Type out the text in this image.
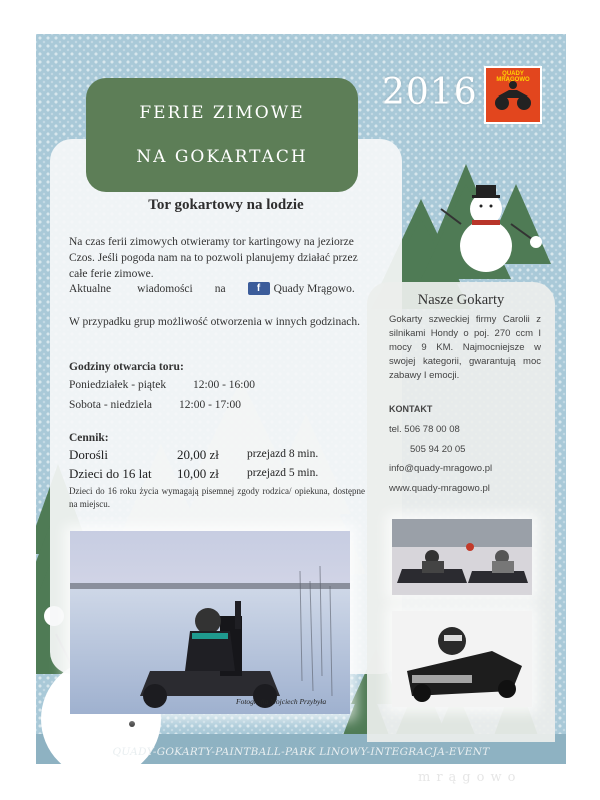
FERIE ZIMOWE
NA GOKARTACH
2016	QUADY MRĄGOWO
Tor gokartowy na lodzie
Na czas ferii zimowych otwieramy tor kartingowy na jeziorze Czos. Jeśli pogoda nam na to pozwoli planujemy działać przez całe ferie zimowe.
Aktualne wiadomości na	f	Quady Mrągowo.
W przypadku grup możliwość otworzenia w innych godzinach.
Godziny otwarcia toru:
Poniedziałek - piątek 12:00 - 16:00
Sobota - niedziela 12:00 - 17:00
Cennik:
Dorośli	20,00 zł przejazd 8 min.
Dzieci do 16 lat 10,00 zł przejazd 5 min.
Dzieci do 16 roku życia wymagają pisemnej zgody rodzica/ opiekuna, dostępne na miejscu.
Nasze Gokarty
Gokarty szweckiej firmy Carolii z silnikami Hondy o poj. 270 ccm I mocy 9 KM. Najmocniejsze w swojej kategorii, gwarantują moc zabawy I emocji.
KONTAKT
tel. 506 78 00 08
505 94 20 05
info@quady-mragowo.pl
www.quady-mragowo.pl
Fotografia Wojciech Przybyła
QUADY-GOKARTY-PAINTBALL-PARK LINOWY-INTEGRACJA-EVENT
mrągowo
